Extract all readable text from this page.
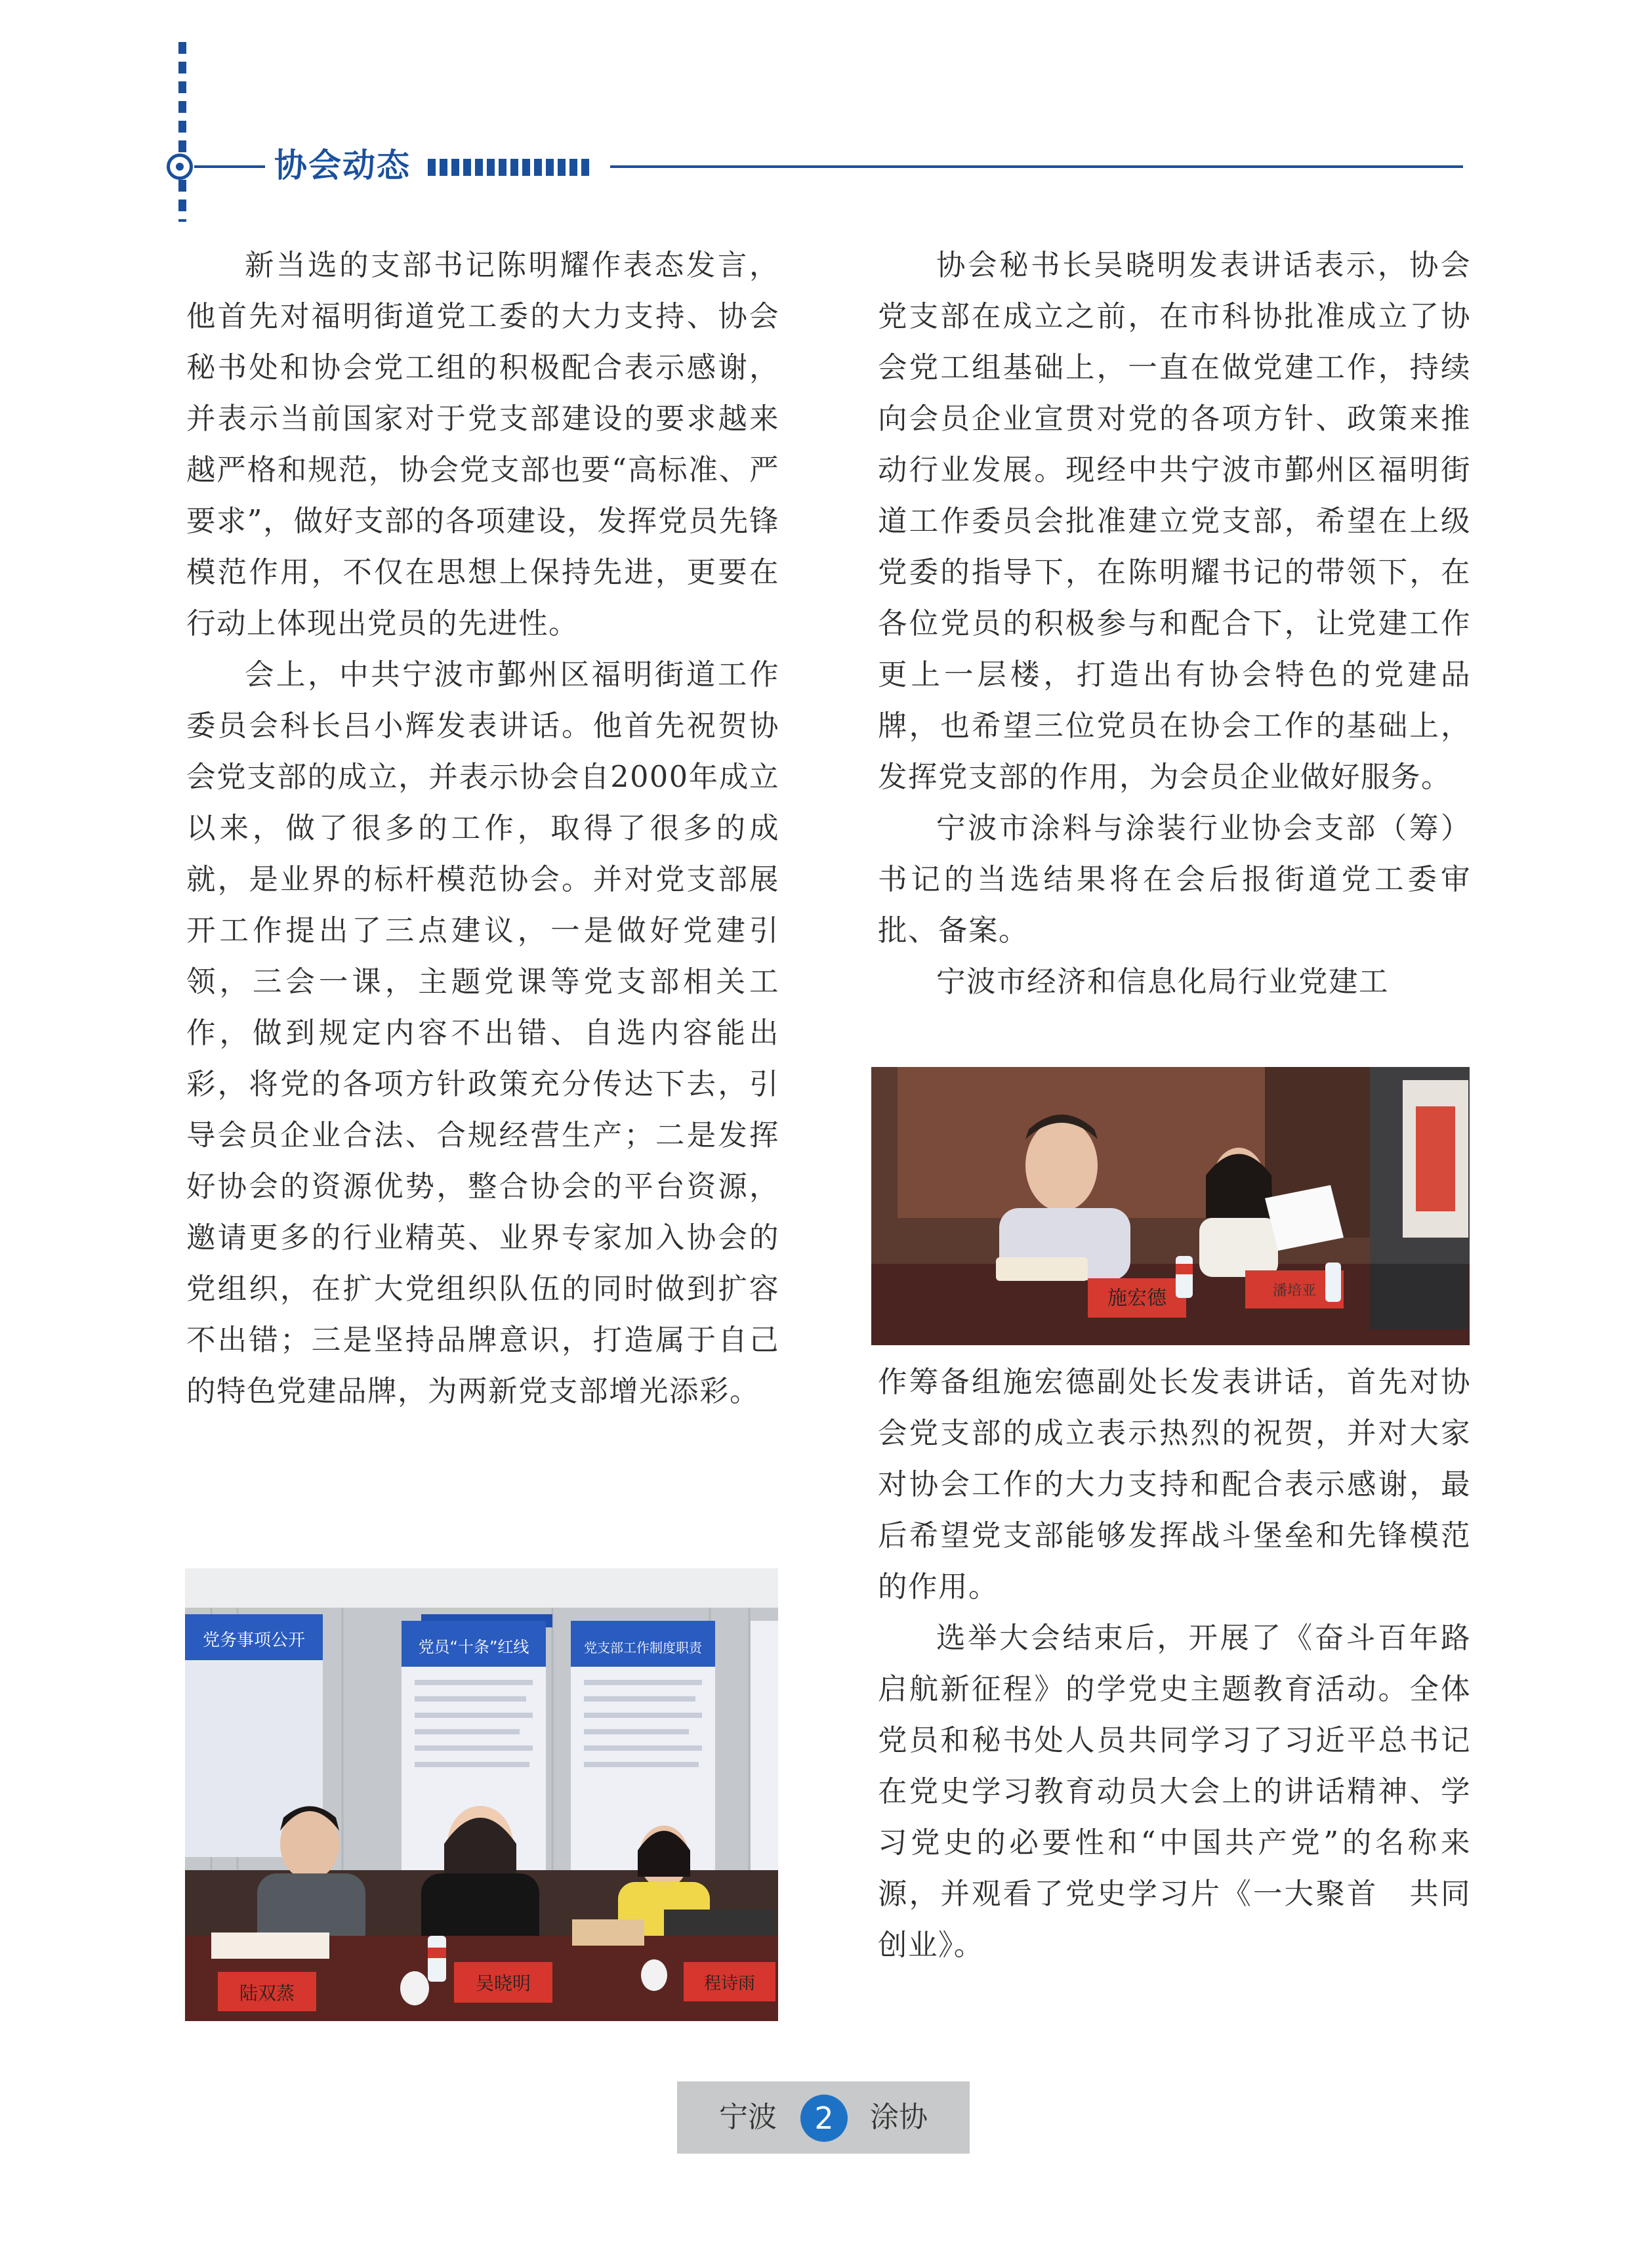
协会动态

新当选的支部书记陈明耀作表态发言，他首先对福明街道党工委的大力支持、协会秘书处和协会党工组的积极配合表示感谢，并表示当前国家对于党支部建设的要求越来越严格和规范，协会党支部也要“高标准、严要求”，做好支部的各项建设，发挥党员先锋模范作用，不仅在思想上保持先进，更要在行动上体现出党员的先进性。

会上，中共宁波市鄞州区福明街道工作委员会科长吕小辉发表讲话。他首先祝贺协会党支部的成立，并表示协会自2000年成立以来，做了很多的工作，取得了很多的成就，是业界的标杆模范协会。并对党支部展开工作提出了三点建议，一是做好党建引领，三会一课，主题党课等党支部相关工作，做到规定内容不出错、自选内容能出彩，将党的各项方针政策充分传达下去，引导会员企业合法、合规经营生产；二是发挥好协会的资源优势，整合协会的平台资源，邀请更多的行业精英、业界专家加入协会的党组织，在扩大党组织队伍的同时做到扩容不出错；三是坚持品牌意识，打造属于自己的特色党建品牌，为两新党支部增光添彩。

协会秘书长吴晓明发表讲话表示，协会党支部在成立之前，在市科协批准成立了协会党工组基础上，一直在做党建工作，持续向会员企业宣贯对党的各项方针、政策来推动行业发展。现经中共宁波市鄞州区福明街道工作委员会批准建立党支部，希望在上级党委的指导下，在陈明耀书记的带领下，在各位党员的积极参与和配合下，让党建工作更上一层楼，打造出有协会特色的党建品牌，也希望三位党员在协会工作的基础上，发挥党支部的作用，为会员企业做好服务。

宁波市涂料与涂装行业协会支部（筹）书记的当选结果将在会后报街道党工委审批、备案。

宁波市经济和信息化局行业党建工

施宏德	潘培亚

作筹备组施宏德副处长发表讲话，首先对协会党支部的成立表示热烈的祝贺，并对大家对协会工作的大力支持和配合表示感谢，最后希望党支部能够发挥战斗堡垒和先锋模范的作用。

选举大会结束后，开展了《奋斗百年路 启航新征程》的学党史主题教育活动。全体党员和秘书处人员共同学习了习近平总书记在党史学习教育动员大会上的讲话精神、学习党史的必要性和“中国共产党”的名称来源，并观看了党史学习片《一大聚首　共同创业》。

党务事项公开	党员“十条”红线	党支部工作制度职责
陆双蒸	吴晓明	程诗雨
宁波	2	涂协
